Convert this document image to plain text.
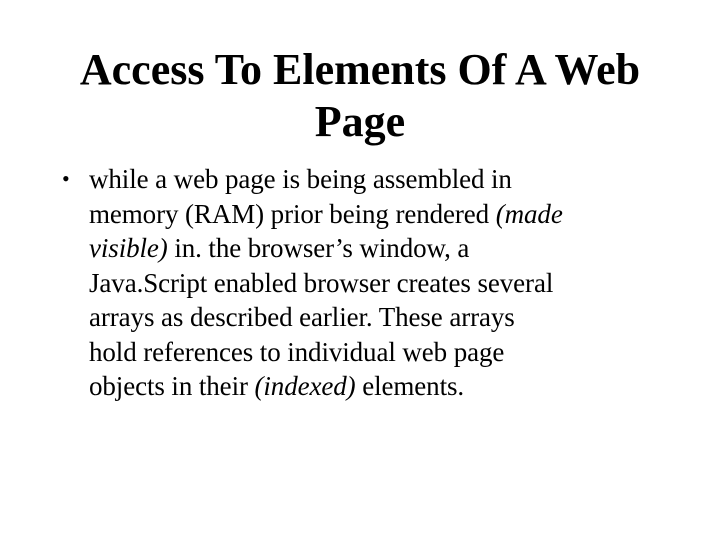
Access To Elements Of A Web Page
• while a web page is being assembled in
memory (RAM) prior being rendered (made
visible) in. the browser’s window, a
Java.Script enabled browser creates several
arrays as described earlier. These arrays
hold references to individual web page
objects in their (indexed) elements.
